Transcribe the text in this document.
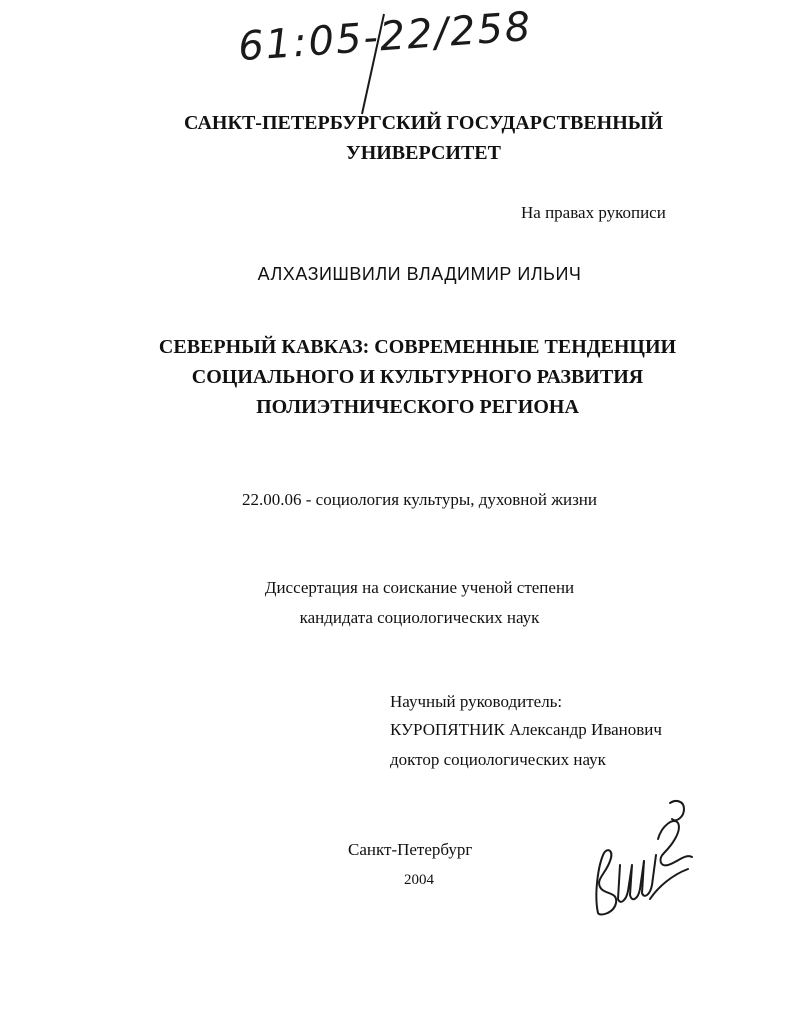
61:05-22/258
САНКТ-ПЕТЕРБУРГСКИЙ ГОСУДАРСТВЕННЫЙ
УНИВЕРСИТЕТ
На правах рукописи
АЛХАЗИШВИЛИ ВЛАДИМИР ИЛЬИЧ
СЕВЕРНЫЙ КАВКАЗ: СОВРЕМЕННЫЕ ТЕНДЕНЦИИ
СОЦИАЛЬНОГО И КУЛЬТУРНОГО РАЗВИТИЯ
ПОЛИЭТНИЧЕСКОГО РЕГИОНА
22.00.06 - социология культуры, духовной жизни
Диссертация на соискание ученой степени
кандидата социологических наук
Научный руководитель:
КУРОПЯТНИК Александр Иванович
доктор социологических наук
Санкт-Петербург
2004
